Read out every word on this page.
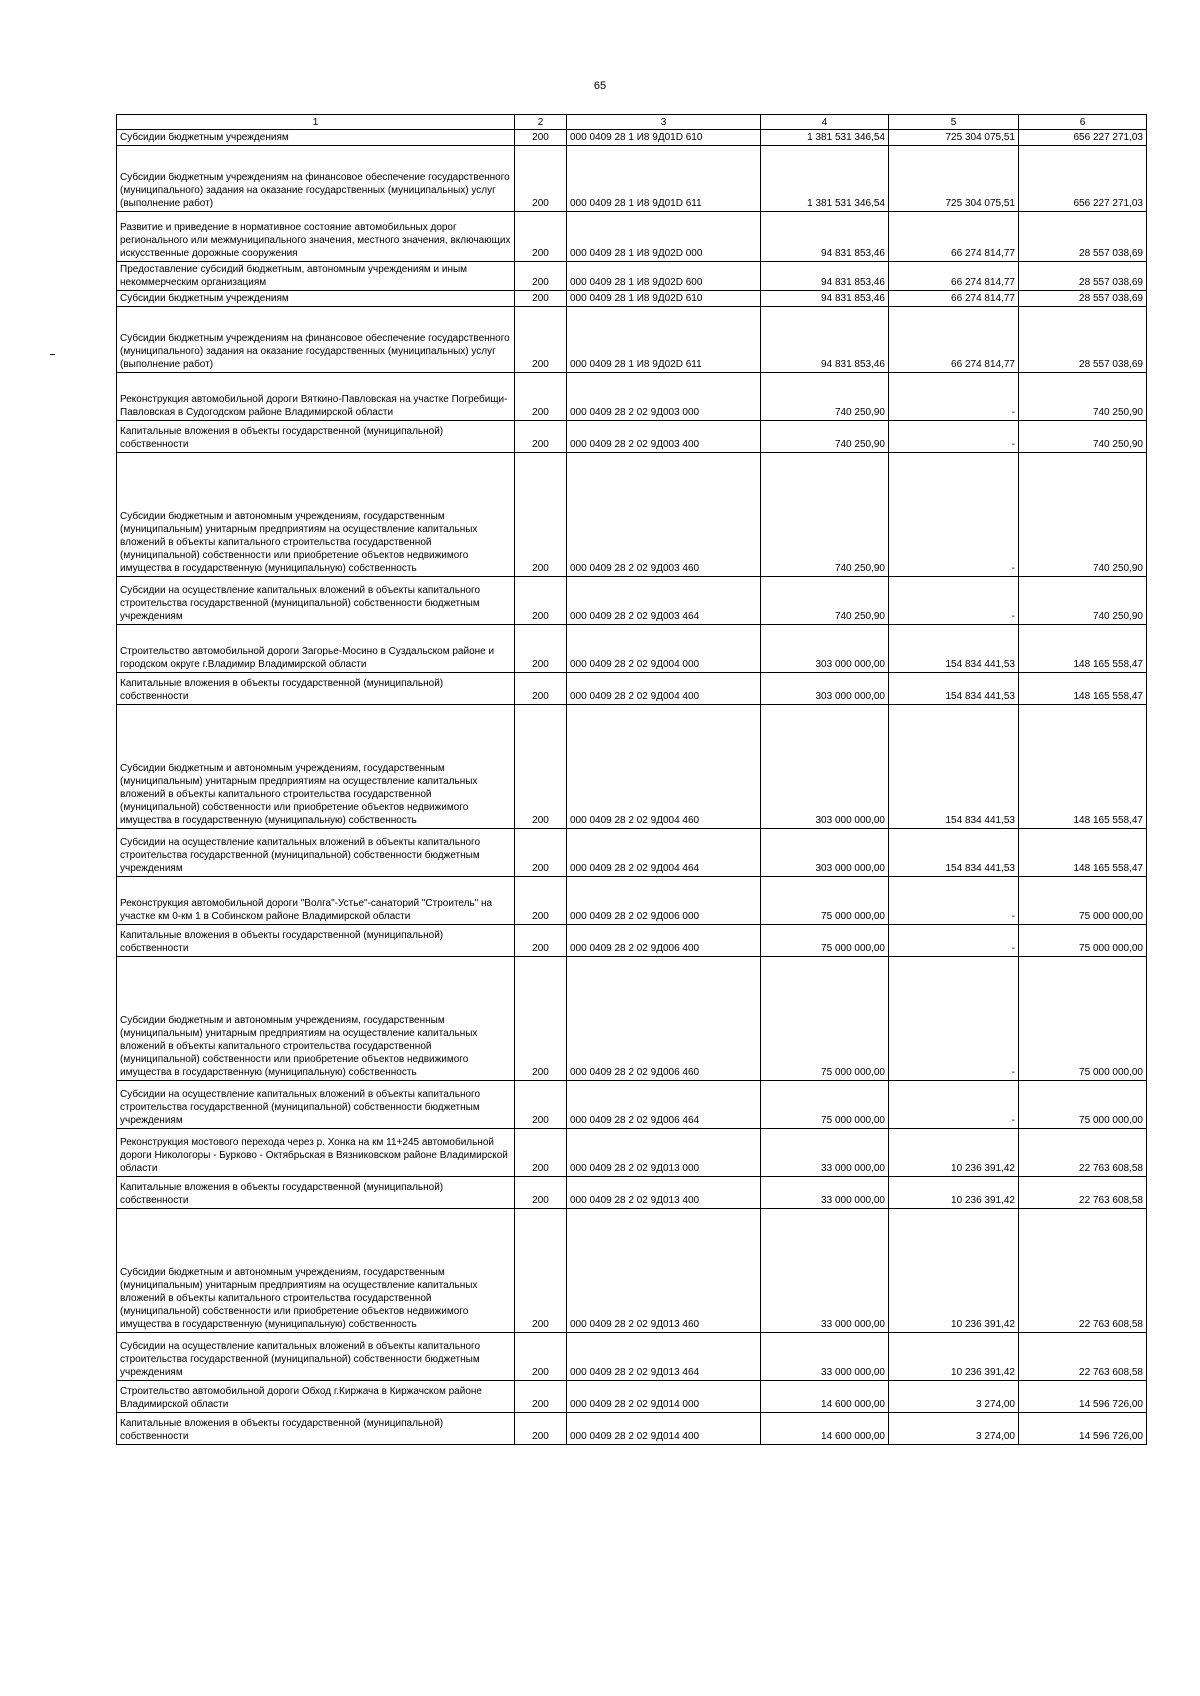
65
1	2	3	4	5	6
Субсидии бюджетным учреждениям	200	000 0409 28 1 И8 9Д01D 610	1 381 531 346,54	725 304 075,51	656 227 271,03
Субсидии бюджетным учреждениям на финансовое обеспечение государственного (муниципального) задания на оказание государственных (муниципальных) услуг (выполнение работ)	200	000 0409 28 1 И8 9Д01D 611	1 381 531 346,54	725 304 075,51	656 227 271,03
Развитие и приведение в нормативное состояние автомобильных дорог регионального или межмуниципального значения, местного значения, включающих искусственные дорожные сооружения	200	000 0409 28 1 И8 9Д02D 000	94 831 853,46	66 274 814,77	28 557 038,69
Предоставление субсидий бюджетным, автономным учреждениям и иным некоммерческим организациям	200	000 0409 28 1 И8 9Д02D 600	94 831 853,46	66 274 814,77	28 557 038,69
Субсидии бюджетным учреждениям	200	000 0409 28 1 И8 9Д02D 610	94 831 853,46	66 274 814,77	28 557 038,69
Субсидии бюджетным учреждениям на финансовое обеспечение государственного (муниципального) задания на оказание государственных (муниципальных) услуг (выполнение работ)	200	000 0409 28 1 И8 9Д02D 611	94 831 853,46	66 274 814,77	28 557 038,69
Реконструкция автомобильной дороги Вяткино-Павловская на участке Погребищи-Павловская в Судогодском районе Владимирской области	200	000 0409 28 2 02 9Д003 000	740 250,90	-	740 250,90
Капитальные вложения в объекты государственной (муниципальной) собственности	200	000 0409 28 2 02 9Д003 400	740 250,90	-	740 250,90
Субсидии бюджетным и автономным учреждениям, государственным (муниципальным) унитарным предприятиям на осуществление капитальных вложений в объекты капитального строительства государственной (муниципальной) собственности или приобретение объектов недвижимого имущества в государственную (муниципальную) собственность	200	000 0409 28 2 02 9Д003 460	740 250,90	-	740 250,90
Субсидии на осуществление капитальных вложений в объекты капитального строительства государственной (муниципальной) собственности бюджетным учреждениям	200	000 0409 28 2 02 9Д003 464	740 250,90	-	740 250,90
Строительство автомобильной дороги Загорье-Мосино в Суздальском районе и городском округе г.Владимир Владимирской области	200	000 0409 28 2 02 9Д004 000	303 000 000,00	154 834 441,53	148 165 558,47
Капитальные вложения в объекты государственной (муниципальной) собственности	200	000 0409 28 2 02 9Д004 400	303 000 000,00	154 834 441,53	148 165 558,47
Субсидии бюджетным и автономным учреждениям, государственным (муниципальным) унитарным предприятиям на осуществление капитальных вложений в объекты капитального строительства государственной (муниципальной) собственности или приобретение объектов недвижимого имущества в государственную (муниципальную) собственность	200	000 0409 28 2 02 9Д004 460	303 000 000,00	154 834 441,53	148 165 558,47
Субсидии на осуществление капитальных вложений в объекты капитального строительства государственной (муниципальной) собственности бюджетным учреждениям	200	000 0409 28 2 02 9Д004 464	303 000 000,00	154 834 441,53	148 165 558,47
Реконструкция автомобильной дороги "Волга"-Устье"-санаторий "Строитель" на участке км 0-км 1 в Собинском районе Владимирской области	200	000 0409 28 2 02 9Д006 000	75 000 000,00	-	75 000 000,00
Капитальные вложения в объекты государственной (муниципальной) собственности	200	000 0409 28 2 02 9Д006 400	75 000 000,00	-	75 000 000,00
Субсидии бюджетным и автономным учреждениям, государственным (муниципальным) унитарным предприятиям на осуществление капитальных вложений в объекты капитального строительства государственной (муниципальной) собственности или приобретение объектов недвижимого имущества в государственную (муниципальную) собственность	200	000 0409 28 2 02 9Д006 460	75 000 000,00	-	75 000 000,00
Субсидии на осуществление капитальных вложений в объекты капитального строительства государственной (муниципальной) собственности бюджетным учреждениям	200	000 0409 28 2 02 9Д006 464	75 000 000,00	-	75 000 000,00
Реконструкция мостового перехода через р. Хонка на км 11+245 автомобильной дороги Никологоры - Бурково - Октябрьская в Вязниковском районе Владимирской области	200	000 0409 28 2 02 9Д013 000	33 000 000,00	10 236 391,42	22 763 608,58
Капитальные вложения в объекты государственной (муниципальной) собственности	200	000 0409 28 2 02 9Д013 400	33 000 000,00	10 236 391,42	22 763 608,58
Субсидии бюджетным и автономным учреждениям, государственным (муниципальным) унитарным предприятиям на осуществление капитальных вложений в объекты капитального строительства государственной (муниципальной) собственности или приобретение объектов недвижимого имущества в государственную (муниципальную) собственность	200	000 0409 28 2 02 9Д013 460	33 000 000,00	10 236 391,42	22 763 608,58
Субсидии на осуществление капитальных вложений в объекты капитального строительства государственной (муниципальной) собственности бюджетным учреждениям	200	000 0409 28 2 02 9Д013 464	33 000 000,00	10 236 391,42	22 763 608,58
Строительство автомобильной дороги Обход г.Киржача в Киржачском районе Владимирской области	200	000 0409 28 2 02 9Д014 000	14 600 000,00	3 274,00	14 596 726,00
Капитальные вложения в объекты государственной (муниципальной) собственности	200	000 0409 28 2 02 9Д014 400	14 600 000,00	3 274,00	14 596 726,00
